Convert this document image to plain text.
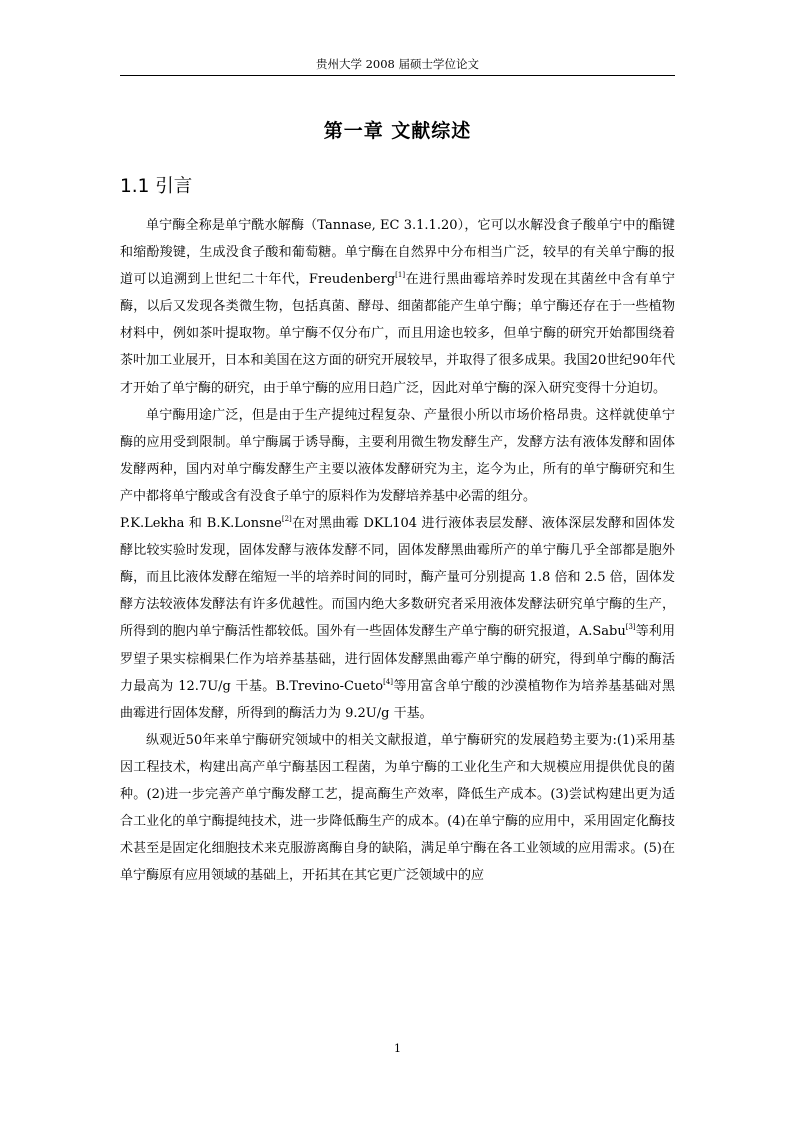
贵州大学 2008 届硕士学位论文
第一章 文献综述
1.1 引言

单宁酶全称是单宁酰水解酶（Tannase, EC 3.1.1.20），它可以水解没食子酸单宁中的酯键和缩酚羧键，生成没食子酸和葡萄糖。单宁酶在自然界中分布相当广泛，较早的有关单宁酶的报道可以追溯到上世纪二十年代，Freudenberg[1]在进行黑曲霉培养时发现在其菌丝中含有单宁酶，以后又发现各类微生物，包括真菌、酵母、细菌都能产生单宁酶；单宁酶还存在于一些植物材料中，例如茶叶提取物。单宁酶不仅分布广，而且用途也较多，但单宁酶的研究开始都围绕着茶叶加工业展开，日本和美国在这方面的研究开展较早，并取得了很多成果。我国20世纪90年代才开始了单宁酶的研究，由于单宁酶的应用日趋广泛，因此对单宁酶的深入研究变得十分迫切。

单宁酶用途广泛，但是由于生产提纯过程复杂、产量很小所以市场价格昂贵。这样就使单宁酶的应用受到限制。单宁酶属于诱导酶，主要利用微生物发酵生产，发酵方法有液体发酵和固体发酵两种，国内对单宁酶发酵生产主要以液体发酵研究为主，迄今为止，所有的单宁酶研究和生产中都将单宁酸或含有没食子单宁的原料作为发酵培养基中必需的组分。

P.K.Lekha 和 B.K.Lonsne[2]在对黑曲霉 DKL104 进行液体表层发酵、液体深层发酵和固体发酵比较实验时发现，固体发酵与液体发酵不同，固体发酵黑曲霉所产的单宁酶几乎全部都是胞外酶，而且比液体发酵在缩短一半的培养时间的同时，酶产量可分别提高 1.8 倍和 2.5 倍，固体发酵方法较液体发酵法有许多优越性。而国内绝大多数研究者采用液体发酵法研究单宁酶的生产，所得到的胞内单宁酶活性都较低。国外有一些固体发酵生产单宁酶的研究报道，A.Sabu[3]等利用罗望子果实棕榈果仁作为培养基基础，进行固体发酵黑曲霉产单宁酶的研究，得到单宁酶的酶活力最高为 12.7U/g 干基。B.Trevino-Cueto[4]等用富含单宁酸的沙漠植物作为培养基基础对黑曲霉进行固体发酵，所得到的酶活力为 9.2U/g 干基。

纵观近50年来单宁酶研究领域中的相关文献报道，单宁酶研究的发展趋势主要为:(1)采用基因工程技术，构建出高产单宁酶基因工程菌，为单宁酶的工业化生产和大规模应用提供优良的菌种。(2)进一步完善产单宁酶发酵工艺，提高酶生产效率，降低生产成本。(3)尝试构建出更为适合工业化的单宁酶提纯技术，进一步降低酶生产的成本。(4)在单宁酶的应用中，采用固定化酶技术甚至是固定化细胞技术来克服游离酶自身的缺陷，满足单宁酶在各工业领域的应用需求。(5)在单宁酶原有应用领域的基础上，开拓其在其它更广泛领域中的应

1
